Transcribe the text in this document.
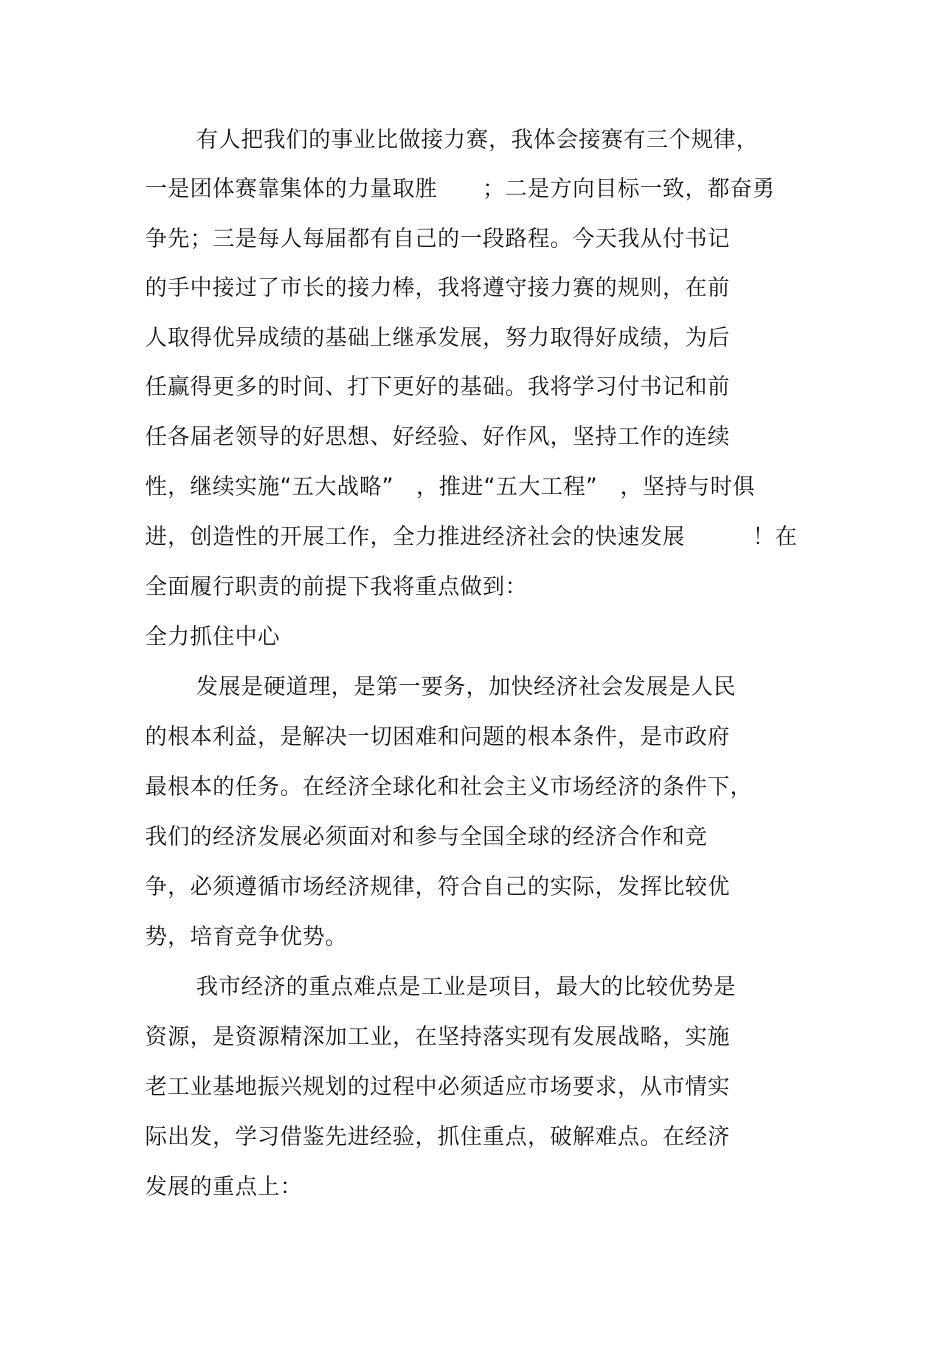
有人把我们的事业比做接力赛，我体会接赛有三个规律，
一是团体赛靠集体的力量取胜　　；二是方向目标一致，都奋勇
争先；三是每人每届都有自己的一段路程。今天我从付书记
的手中接过了市长的接力棒，我将遵守接力赛的规则，在前
人取得优异成绩的基础上继承发展，努力取得好成绩，为后
任赢得更多的时间、打下更好的基础。我将学习付书记和前
任各届老领导的好思想、好经验、好作风，坚持工作的连续
性，继续实施“五大战略”　，推进“五大工程”　，坚持与时俱
进，创造性的开展工作，全力推进经济社会的快速发展　　　！在
全面履行职责的前提下我将重点做到：
全力抓住中心
发展是硬道理，是第一要务，加快经济社会发展是人民
的根本利益，是解决一切困难和问题的根本条件，是市政府
最根本的任务。在经济全球化和社会主义市场经济的条件下，
我们的经济发展必须面对和参与全国全球的经济合作和竞
争，必须遵循市场经济规律，符合自己的实际，发挥比较优
势，培育竞争优势。
我市经济的重点难点是工业是项目，最大的比较优势是
资源，是资源精深加工业，在坚持落实现有发展战略，实施
老工业基地振兴规划的过程中必须适应市场要求，从市情实
际出发，学习借鉴先进经验，抓住重点，破解难点。在经济
发展的重点上：
